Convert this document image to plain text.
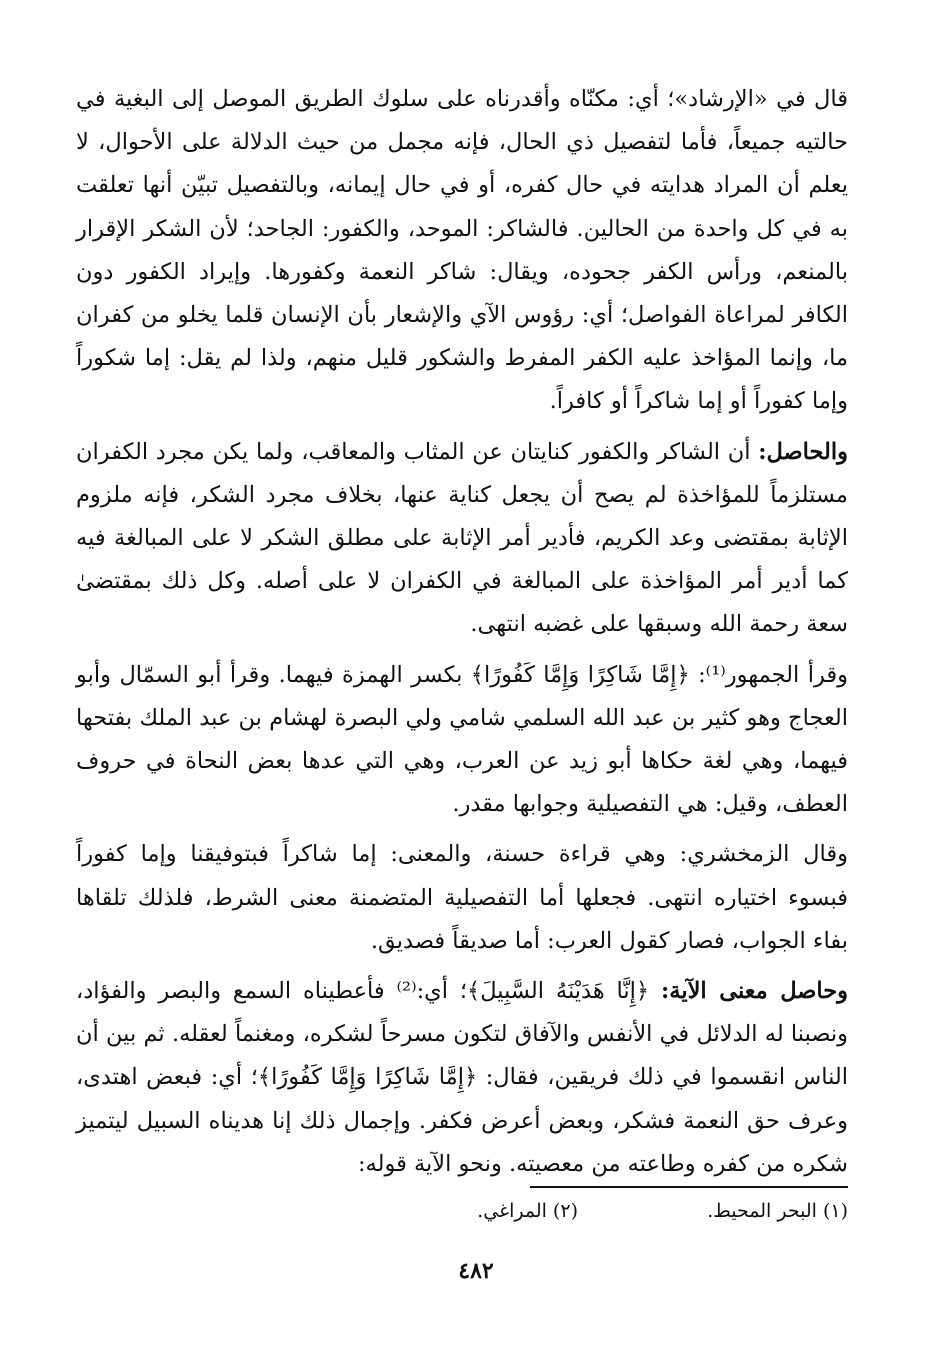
قال في «الإرشاد»؛ أي: مكنّاه وأقدرناه على سلوك الطريق الموصل إلى البغية في حالتيه جميعاً، فأما لتفصيل ذي الحال، فإنه مجمل من حيث الدلالة على الأحوال، لا يعلم أن المراد هدايته في حال كفره، أو في حال إيمانه، وبالتفصيل تبيّن أنها تعلقت به في كل واحدة من الحالين. فالشاكر: الموحد، والكفور: الجاحد؛ لأن الشكر الإقرار بالمنعم، ورأس الكفر جحوده، ويقال: شاكر النعمة وكفورها. وإيراد الكفور دون الكافر لمراعاة الفواصل؛ أي: رؤوس الآي والإشعار بأن الإنسان قلما يخلو من كفران ما، وإنما المؤاخذ عليه الكفر المفرط والشكور قليل منهم، ولذا لم يقل: إما شكوراً وإما كفوراً أو إما شاكراً أو كافراً.

والحاصل: أن الشاكر والكفور كنايتان عن المثاب والمعاقب، ولما يكن مجرد الكفران مستلزماً للمؤاخذة لم يصح أن يجعل كناية عنها، بخلاف مجرد الشكر، فإنه ملزوم الإثابة بمقتضى وعد الكريم، فأدير أمر الإثابة على مطلق الشكر لا على المبالغة فيه كما أدير أمر المؤاخذة على المبالغة في الكفران لا على أصله. وكل ذلك بمقتضىٰ سعة رحمة الله وسبقها على غضبه انتهى.

وقرأ الجمهور⁽¹⁾: ﴿إِمَّا شَاكِرًا وَإِمَّا كَفُورًا﴾ بكسر الهمزة فيهما. وقرأ أبو السمّال وأبو العجاج وهو كثير بن عبد الله السلمي شامي ولي البصرة لهشام بن عبد الملك بفتحها فيهما، وهي لغة حكاها أبو زيد عن العرب، وهي التي عدها بعض النحاة في حروف العطف، وقيل: هي التفصيلية وجوابها مقدر.

وقال الزمخشري: وهي قراءة حسنة، والمعنى: إما شاكراً فبتوفيقنا وإما كفوراً فبسوء اختياره انتهى. فجعلها أما التفصيلية المتضمنة معنى الشرط، فلذلك تلقاها بفاء الجواب، فصار كقول العرب: أما صديقاً فصديق.

وحاصل معنى الآية: ﴿إِنَّا هَدَيْنَهُ السَّبِيلَ﴾؛ أي:⁽²⁾ فأعطيناه السمع والبصر والفؤاد، ونصبنا له الدلائل في الأنفس والآفاق لتكون مسرحاً لشكره، ومغنماً لعقله. ثم بين أن الناس انقسموا في ذلك فريقين، فقال: ﴿إِمَّا شَاكِرًا وَإِمَّا كَفُورًا﴾؛ أي: فبعض اهتدى، وعرف حق النعمة فشكر، وبعض أعرض فكفر. وإجمال ذلك إنا هديناه السبيل ليتميز شكره من كفره وطاعته من معصيته. ونحو الآية قوله:

(١) البحر المحيط.
(٢) المراغي.
٤٨٢
